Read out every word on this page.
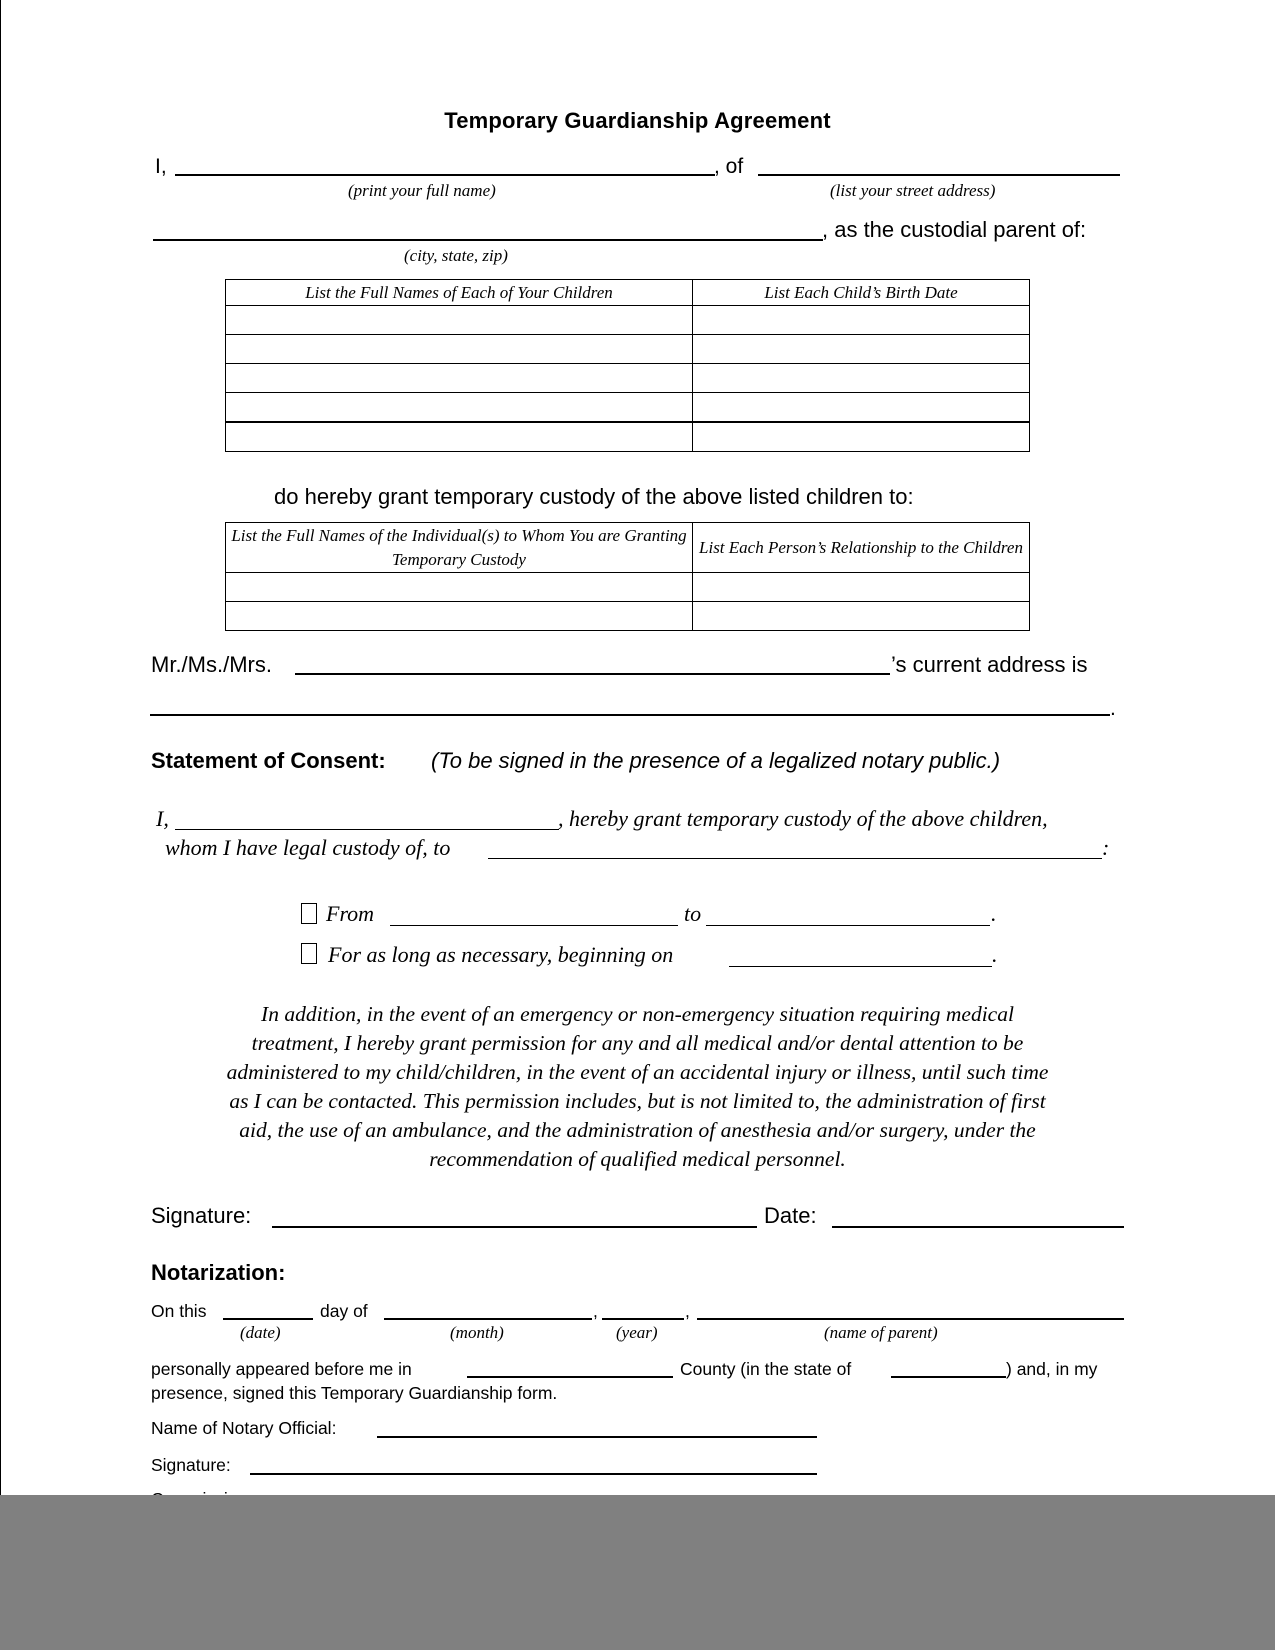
Temporary Guardianship Agreement
I,	, of
(print your full name)	(list your street address)
, as the custodial parent of:
(city, state, zip)
List the Full Names of Each of Your Children	List Each Child’s Birth Date

do hereby grant temporary custody of the above listed children to:
List the Full Names of the Individual(s) to Whom You are Granting Temporary Custody	List Each Person’s Relationship to the Children

Mr./Ms./Mrs.	’s current address is
.
Statement of Consent: (To be signed in the presence of a legalized notary public.)
I,	, hereby grant temporary custody of the above children,
whom I have legal custody of, to	:
From	to	.
For as long as necessary, beginning on	.
In addition, in the event of an emergency or non-emergency situation requiring medical
treatment, I hereby grant permission for any and all medical and/or dental attention to be
administered to my child/children, in the event of an accidental injury or illness, until such time
as I can be contacted. This permission includes, but is not limited to, the administration of first
aid, the use of an ambulance, and the administration of anesthesia and/or surgery, under the
recommendation of qualified medical personnel.
Signature:	Date:
Notarization:
On this	day of	,	,
(date)	(month)	(year)	(name of parent)
personally appeared before me in	County (in the state of	) and, in my
presence, signed this Temporary Guardianship form.
Name of Notary Official:
Signature:
